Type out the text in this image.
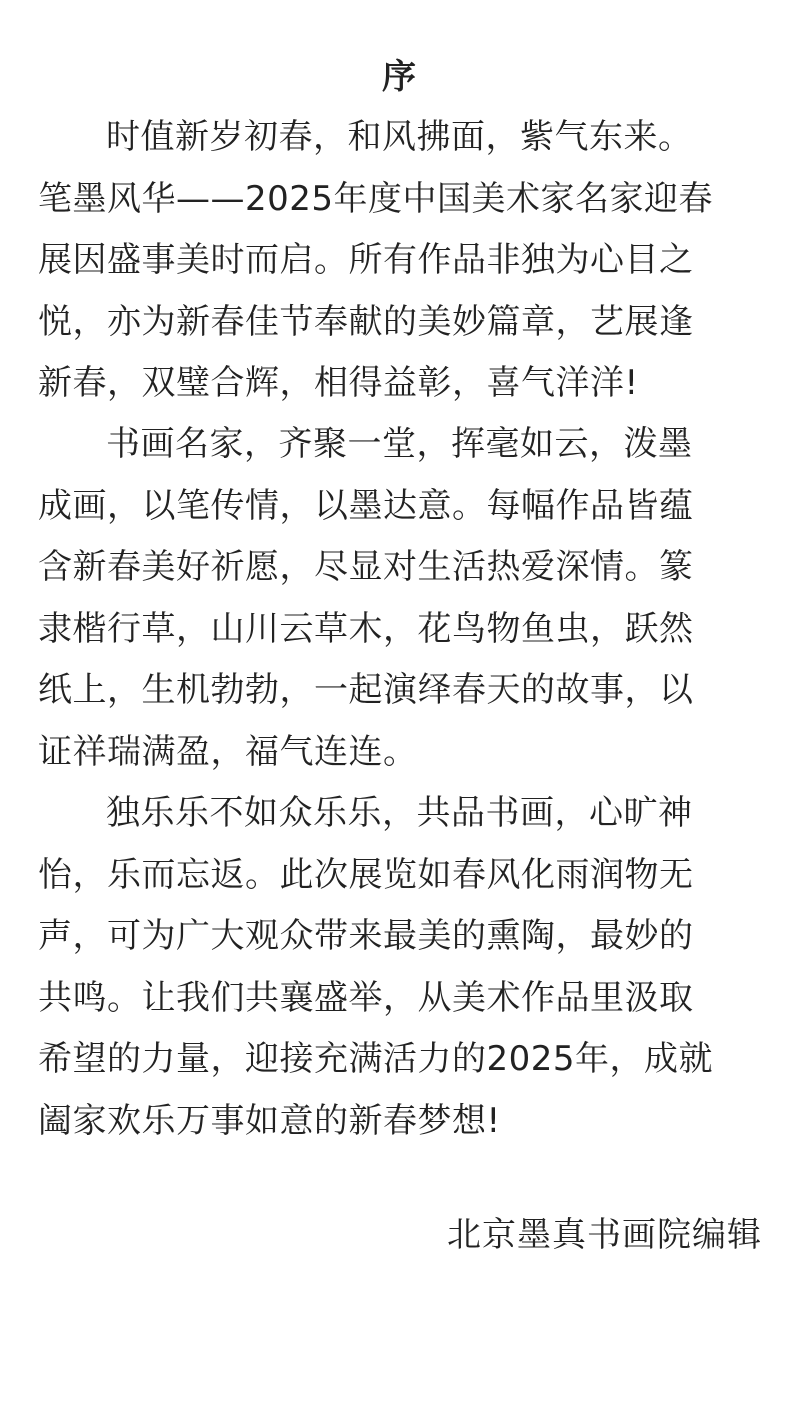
序
时值新岁初春，和风拂面，紫气东来。
笔墨风华——2025年度中国美术家名家迎春
展因盛事美时而启。所有作品非独为心目之
悦，亦为新春佳节奉献的美妙篇章，艺展逢
新春，双璧合辉，相得益彰，喜气洋洋!
书画名家，齐聚一堂，挥毫如云，泼墨
成画，以笔传情，以墨达意。每幅作品皆蕴
含新春美好祈愿，尽显对生活热爱深情。篆
隶楷行草，山川云草木，花鸟物鱼虫，跃然
纸上，生机勃勃，一起演绎春天的故事，以
证祥瑞满盈，福气连连。
独乐乐不如众乐乐，共品书画，心旷神
怡，乐而忘返。此次展览如春风化雨润物无
声，可为广大观众带来最美的熏陶，最妙的
共鸣。让我们共襄盛举，从美术作品里汲取
希望的力量，迎接充满活力的2025年，成就
阖家欢乐万事如意的新春梦想!
北京墨真书画院编辑
